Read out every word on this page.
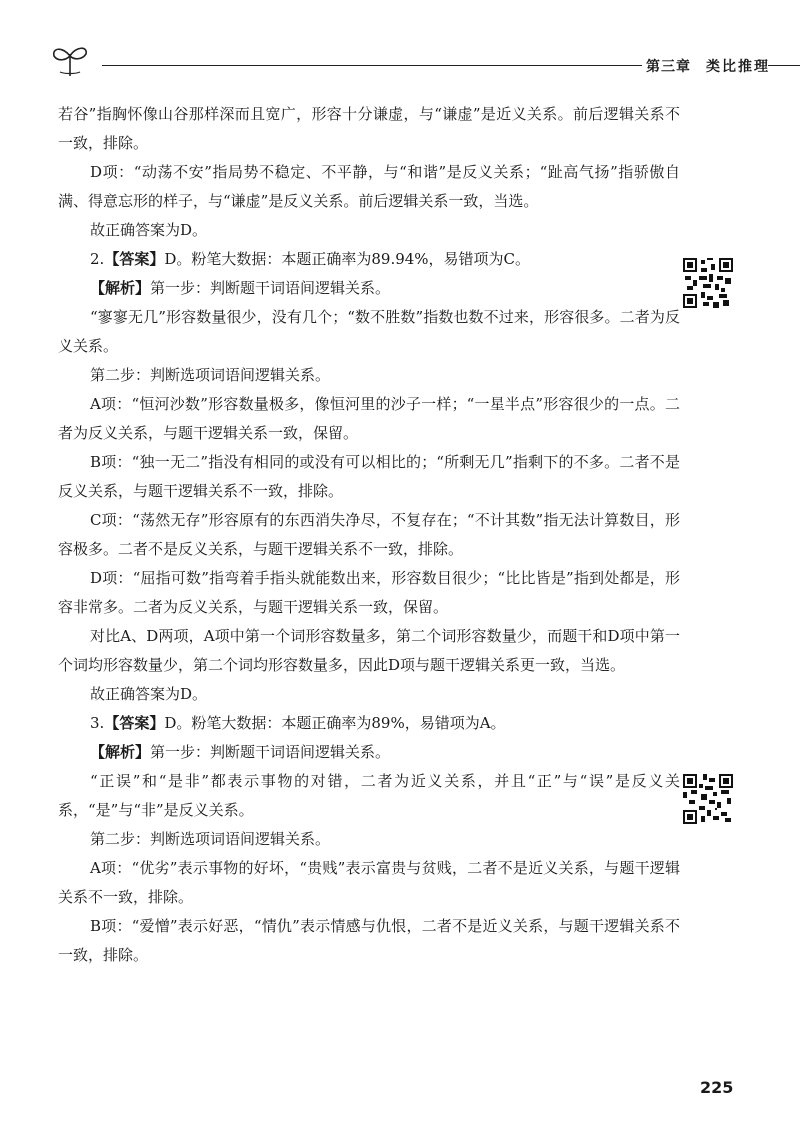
第三章 类比推理

若谷”指胸怀像山谷那样深而且宽广，形容十分谦虚，与“谦虚”是近义关系。前后逻辑关系不一致，排除。

D项：“动荡不安”指局势不稳定、不平静，与“和谐”是反义关系；“趾高气扬”指骄傲自满、得意忘形的样子，与“谦虚”是反义关系。前后逻辑关系一致，当选。

故正确答案为D。

2.【答案】D。粉笔大数据：本题正确率为89.94%，易错项为C。

【解析】第一步：判断题干词语间逻辑关系。

“寥寥无几”形容数量很少，没有几个；“数不胜数”指数也数不过来，形容很多。二者为反义关系。

第二步：判断选项词语间逻辑关系。

A项：“恒河沙数”形容数量极多，像恒河里的沙子一样；“一星半点”形容很少的一点。二者为反义关系，与题干逻辑关系一致，保留。

B项：“独一无二”指没有相同的或没有可以相比的；“所剩无几”指剩下的不多。二者不是反义关系，与题干逻辑关系不一致，排除。

C项：“荡然无存”形容原有的东西消失净尽，不复存在；“不计其数”指无法计算数目，形容极多。二者不是反义关系，与题干逻辑关系不一致，排除。

D项：“屈指可数”指弯着手指头就能数出来，形容数目很少；“比比皆是”指到处都是，形容非常多。二者为反义关系，与题干逻辑关系一致，保留。

对比A、D两项，A项中第一个词形容数量多，第二个词形容数量少，而题干和D项中第一个词均形容数量少，第二个词均形容数量多，因此D项与题干逻辑关系更一致，当选。

故正确答案为D。

3.【答案】D。粉笔大数据：本题正确率为89%，易错项为A。

【解析】第一步：判断题干词语间逻辑关系。

“正误”和“是非”都表示事物的对错，二者为近义关系，并且“正”与“误”是反义关系，“是”与“非”是反义关系。

第二步：判断选项词语间逻辑关系。

A项：“优劣”表示事物的好坏，“贵贱”表示富贵与贫贱，二者不是近义关系，与题干逻辑关系不一致，排除。

B项：“爱憎”表示好恶，“情仇”表示情感与仇恨，二者不是近义关系，与题干逻辑关系不一致，排除。

225
